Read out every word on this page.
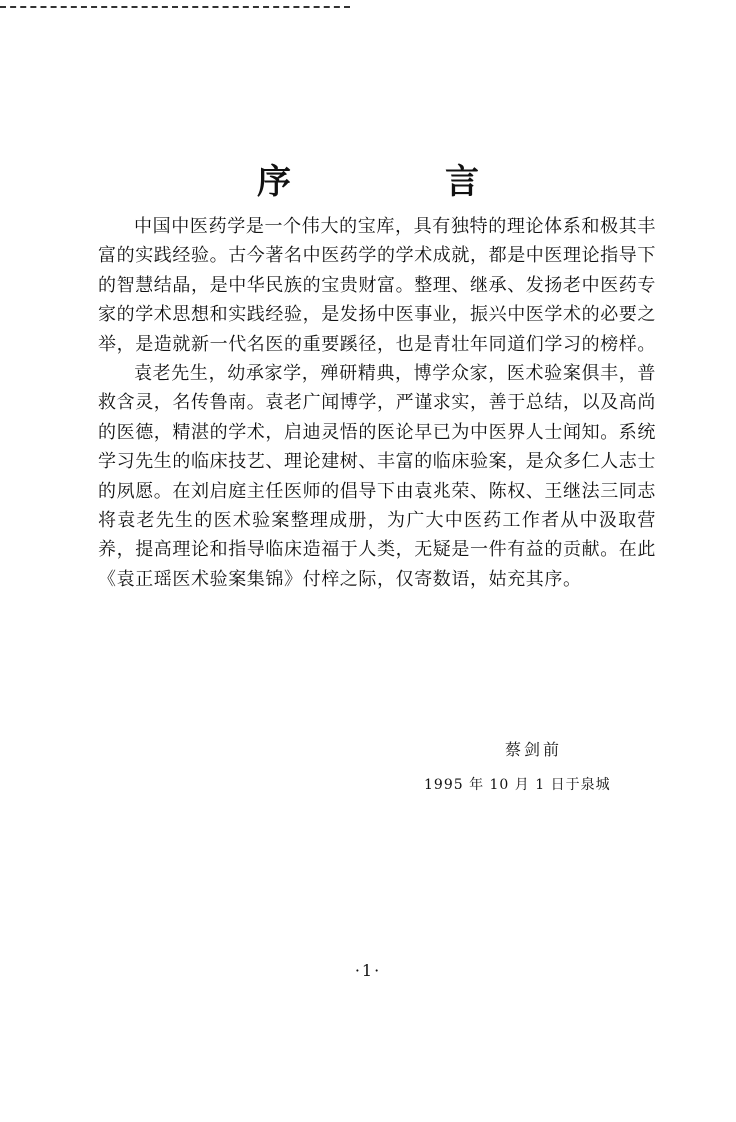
序　言

中国中医药学是一个伟大的宝库，具有独特的理论体系和极其丰富的实践经验。古今著名中医药学的学术成就，都是中医理论指导下的智慧结晶，是中华民族的宝贵财富。整理、继承、发扬老中医药专家的学术思想和实践经验，是发扬中医事业，振兴中医学术的必要之举，是造就新一代名医的重要蹊径，也是青壮年同道们学习的榜样。

袁老先生，幼承家学，殚研精典，博学众家，医术验案俱丰，普救含灵，名传鲁南。袁老广闻博学，严谨求实，善于总结，以及高尚的医德，精湛的学术，启迪灵悟的医论早已为中医界人士闻知。系统学习先生的临床技艺、理论建树、丰富的临床验案，是众多仁人志士的夙愿。在刘启庭主任医师的倡导下由袁兆荣、陈权、王继法三同志将袁老先生的医术验案整理成册，为广大中医药工作者从中汲取营养，提高理论和指导临床造福于人类，无疑是一件有益的贡献。在此《袁正瑶医术验案集锦》付梓之际，仅寄数语，姑充其序。

蔡剑前
1995 年 10 月 1 日于泉城
·1·
